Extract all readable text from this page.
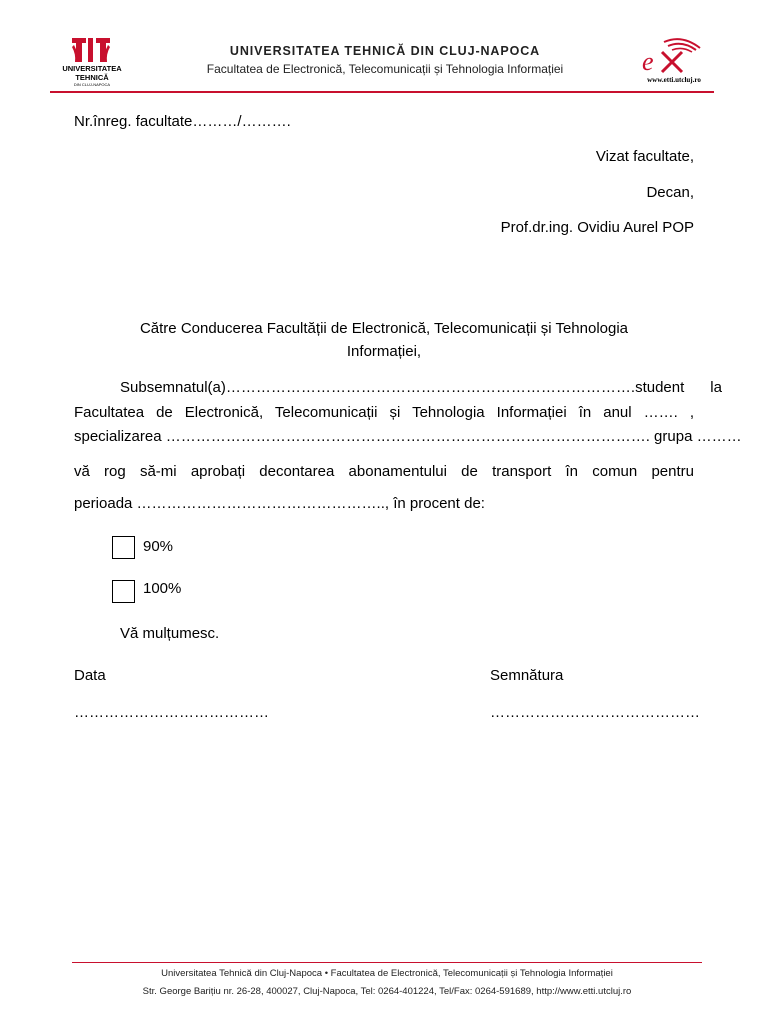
UNIVERSITATEA
TEHNICĂ
DIN CLUJ-NAPOCA
UNIVERSITATEA TEHNICĂ DIN CLUJ-NAPOCA
Facultatea de Electronică, Telecomunicații și Tehnologia Informației	e
www.etti.utcluj.ro
Nr.înreg. facultate………/……….
Vizat facultate,
Decan,
Prof.dr.ing. Ovidiu Aurel POP
Către Conducerea Facultății de Electronică, Telecomunicații și Tehnologia
Informației,
Subsemnatul(a)………………………………………………………………………. student la
Facultatea de Electronică, Telecomunicații și Tehnologia Informației în anul ……. ,
specializarea ……………………………………………………………………………………. grupa ………
vă rog să-mi aprobați decontarea abonamentului de transport în comun pentru
perioada ………………………………………….., în procent de:
90%
100%
Vă mulțumesc.
Data
…………………………………
Semnătura
……………………………………
Universitatea Tehnică din Cluj-Napoca • Facultatea de Electronică, Telecomunicații și Tehnologia Informației
Str. George Barițiu nr. 26-28, 400027, Cluj-Napoca, Tel: 0264-401224, Tel/Fax: 0264-591689, http://www.etti.utcluj.ro
